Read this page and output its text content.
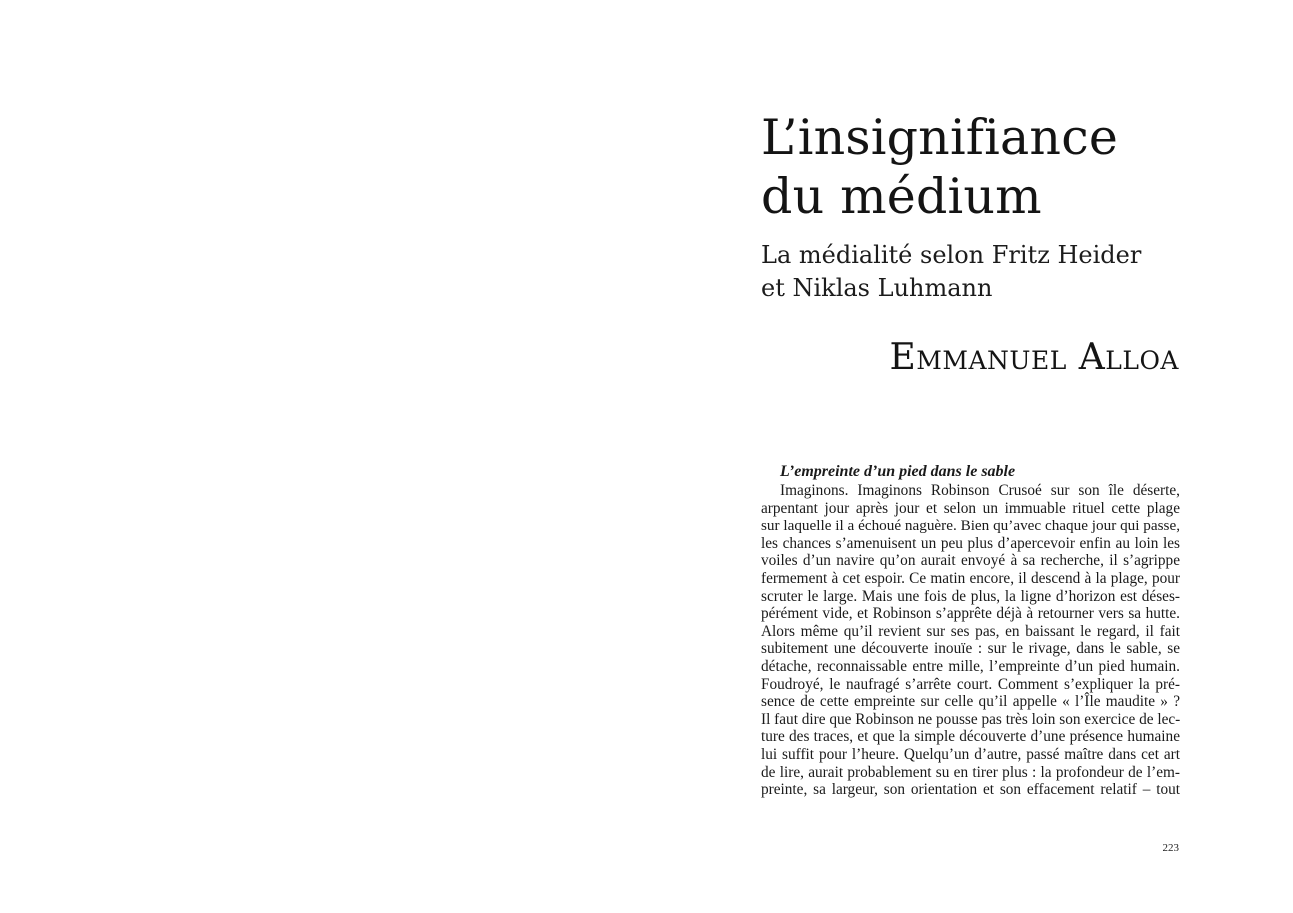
L’insignifiance
du médium
La médialité selon Fritz Heider
et Niklas Luhmann
Emmanuel Alloa
L’empreinte d’un pied dans le sable
Imaginons. Imaginons Robinson Crusoé sur son île déserte,
arpentant jour après jour et selon un immuable rituel cette plage
sur laquelle il a échoué naguère. Bien qu’avec chaque jour qui passe,
les chances s’amenuisent un peu plus d’apercevoir enfin au loin les
voiles d’un navire qu’on aurait envoyé à sa recherche, il s’agrippe
fermement à cet espoir. Ce matin encore, il descend à la plage, pour
scruter le large. Mais une fois de plus, la ligne d’horizon est déses-
pérément vide, et Robinson s’apprête déjà à retourner vers sa hutte.
Alors même qu’il revient sur ses pas, en baissant le regard, il fait
subitement une découverte inouïe : sur le rivage, dans le sable, se
détache, reconnaissable entre mille, l’empreinte d’un pied humain.
Foudroyé, le naufragé s’arrête court. Comment s’expliquer la pré-
sence de cette empreinte sur celle qu’il appelle « l’Île maudite » ?
Il faut dire que Robinson ne pousse pas très loin son exercice de lec-
ture des traces, et que la simple découverte d’une présence humaine
lui suffit pour l’heure. Quelqu’un d’autre, passé maître dans cet art
de lire, aurait probablement su en tirer plus : la profondeur de l’em-
preinte, sa largeur, son orientation et son effacement relatif – tout
223
